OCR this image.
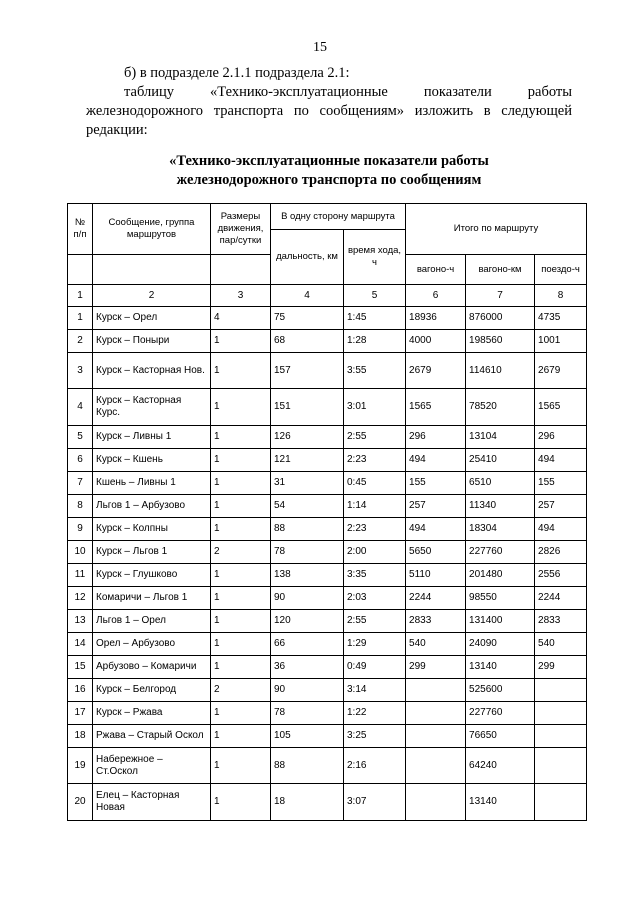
15
б) в подразделе 2.1.1 подраздела 2.1:
таблицу «Технико-эксплуатационные показатели работы
железнодорожного транспорта по сообщениям» изложить в следующей
редакции:
«Технико-эксплуатационные показатели работы
железнодорожного транспорта по сообщениям
№ п/п	Сообщение, группа маршрутов	Размеры движения, пар/сутки	В одну сторону маршрута		Итого по маршруту		
			дальность, км	время хода, ч			
					вагоно-ч	вагоно-км	поездо-ч
1	2	3	4	5	6	7	8
1	Курск – Орел	4	75	1:45	18936	876000	4735
2	Курск – Поныри	1	68	1:28	4000	198560	1001
3	Курск – Касторная Нов.	1	157	3:55	2679	114610	2679
4	Курск – Касторная Курс.	1	151	3:01	1565	78520	1565
5	Курск – Ливны 1	1	126	2:55	296	13104	296
6	Курск – Кшень	1	121	2:23	494	25410	494
7	Кшень – Ливны 1	1	31	0:45	155	6510	155
8	Льгов 1 – Арбузово	1	54	1:14	257	11340	257
9	Курск – Колпны	1	88	2:23	494	18304	494
10	Курск – Льгов 1	2	78	2:00	5650	227760	2826
11	Курск – Глушково	1	138	3:35	5110	201480	2556
12	Комаричи – Льгов 1	1	90	2:03	2244	98550	2244
13	Льгов 1 – Орел	1	120	2:55	2833	131400	2833
14	Орел – Арбузово	1	66	1:29	540	24090	540
15	Арбузово – Комаричи	1	36	0:49	299	13140	299
16	Курск – Белгород	2	90	3:14		525600	
17	Курск – Ржава	1	78	1:22		227760	
18	Ржава – Старый Оскол	1	105	3:25		76650	
19	Набережное – Ст.Оскол	1	88	2:16		64240	
20	Елец – Касторная Новая	1	18	3:07		13140	
